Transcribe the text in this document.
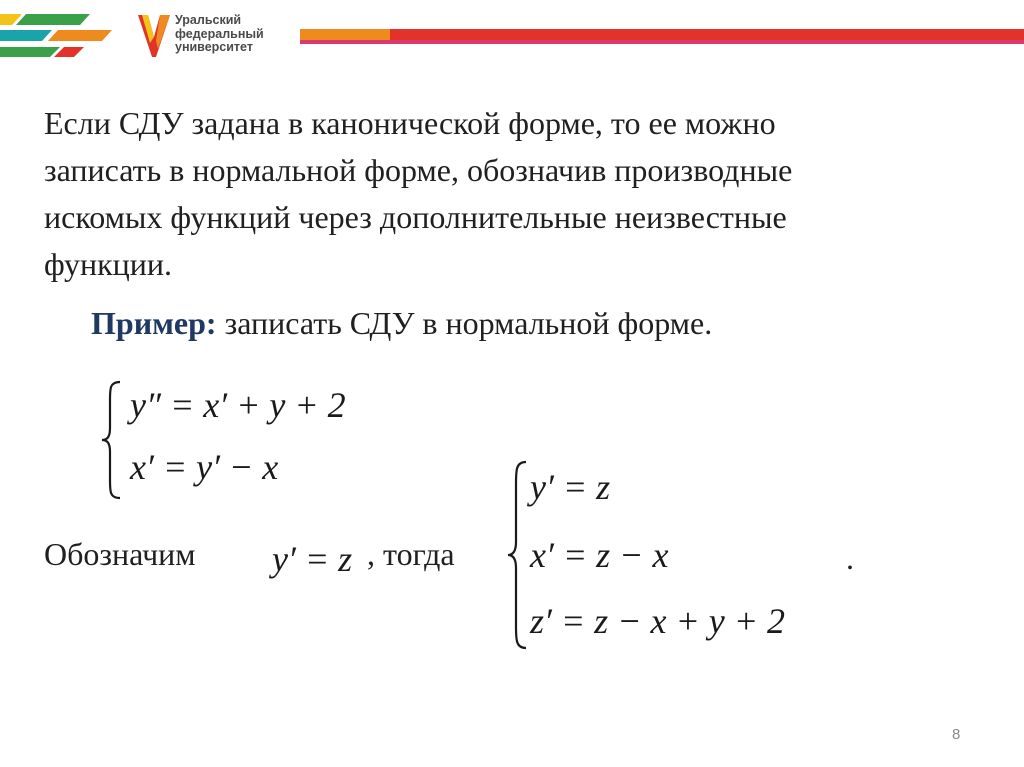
Уральский
федеральный
университет
Если СДУ задана в канонической форме, то ее можно
записать в нормальной форме, обозначив производные
искомых функций через дополнительные неизвестные
функции.
Пример: записать СДУ в нормальной форме.
y″ = x′ + y + 2
x′ = y′ − x
Обозначим y′ = z , тогда
y′ = z
x′ = z − x
z′ = z − x + y + 2
.
8
